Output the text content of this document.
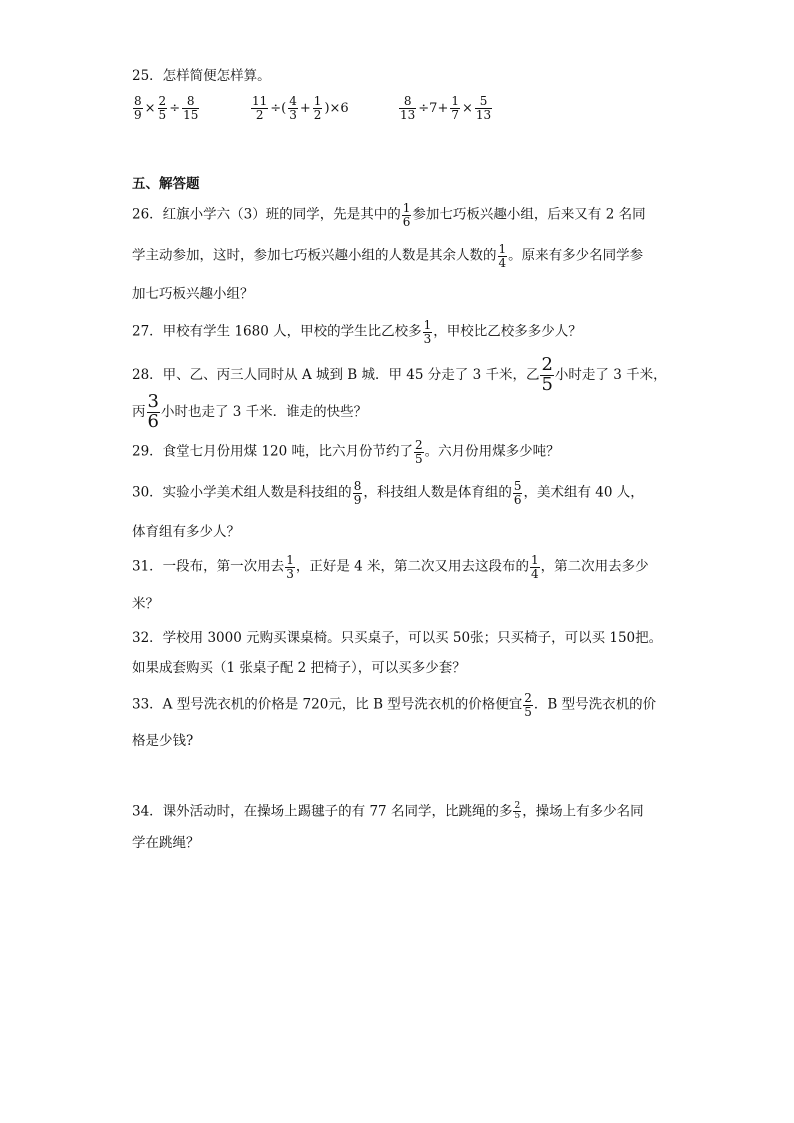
25．怎样简便怎样算。
$\frac{8}{9} \times \frac{2}{5} \div \frac{8}{15}$	$\frac{11}{2}$ ÷( $\frac{4}{3} + \frac{1}{2} )\times 6$	$\frac{8}{13} \div 7+ \frac{1}{7} \times \frac{5}{13}$
五、解答题
26．红旗小学六（3）班的同学，先是其中的 $\frac{1}{6}$ 参加七巧板兴趣小组，后来又有 2 名同
学主动参加，这时，参加七巧板兴趣小组的人数是其余人数的 $\frac{1}{4}$ 。原来有多少名同学参
加七巧板兴趣小组？
27．甲校有学生 1680 人，甲校的学生比乙校多 $\frac{1}{3}$ ，甲校比乙校多多少人？
28．甲、乙、丙三人同时从 A 城到 B 城．甲 45 分走了 3 千米，乙 $\frac{2}{5}$ 小时走了 3 千米，
丙 $\frac{3}{6}$ 小时也走了 3 千米．谁走的快些？
29．食堂七月份用煤 120 吨，比六月份节约了 $\frac{2}{5}$ 。六月份用煤多少吨？
30．实验小学美术组人数是科技组的 $\frac{8}{9}$ ，科技组人数是体育组的 $\frac{5}{6}$ ，美术组有 40 人，
体育组有多少人？
31．一段布，第一次用去 $\frac{1}{3}$ ，正好是 4 米，第二次又用去这段布的 $\frac{1}{4}$ ，第二次用去多少
米？
32．学校用 3000 元购买课桌椅。只买桌子，可以买 50张；只买椅子，可以买 150把。
如果成套购买（1 张桌子配 2 把椅子），可以买多少套？
33．A 型号洗衣机的价格是 720元，比 B 型号洗衣机的价格便宜 $\frac{2}{5}$ ．B 型号洗衣机的价
格是少钱?
34．课外活动时，在操场上踢毽子的有 77 名同学，比跳绳的多 $\frac{2}{5}$ ，操场上有多少名同
学在跳绳？
